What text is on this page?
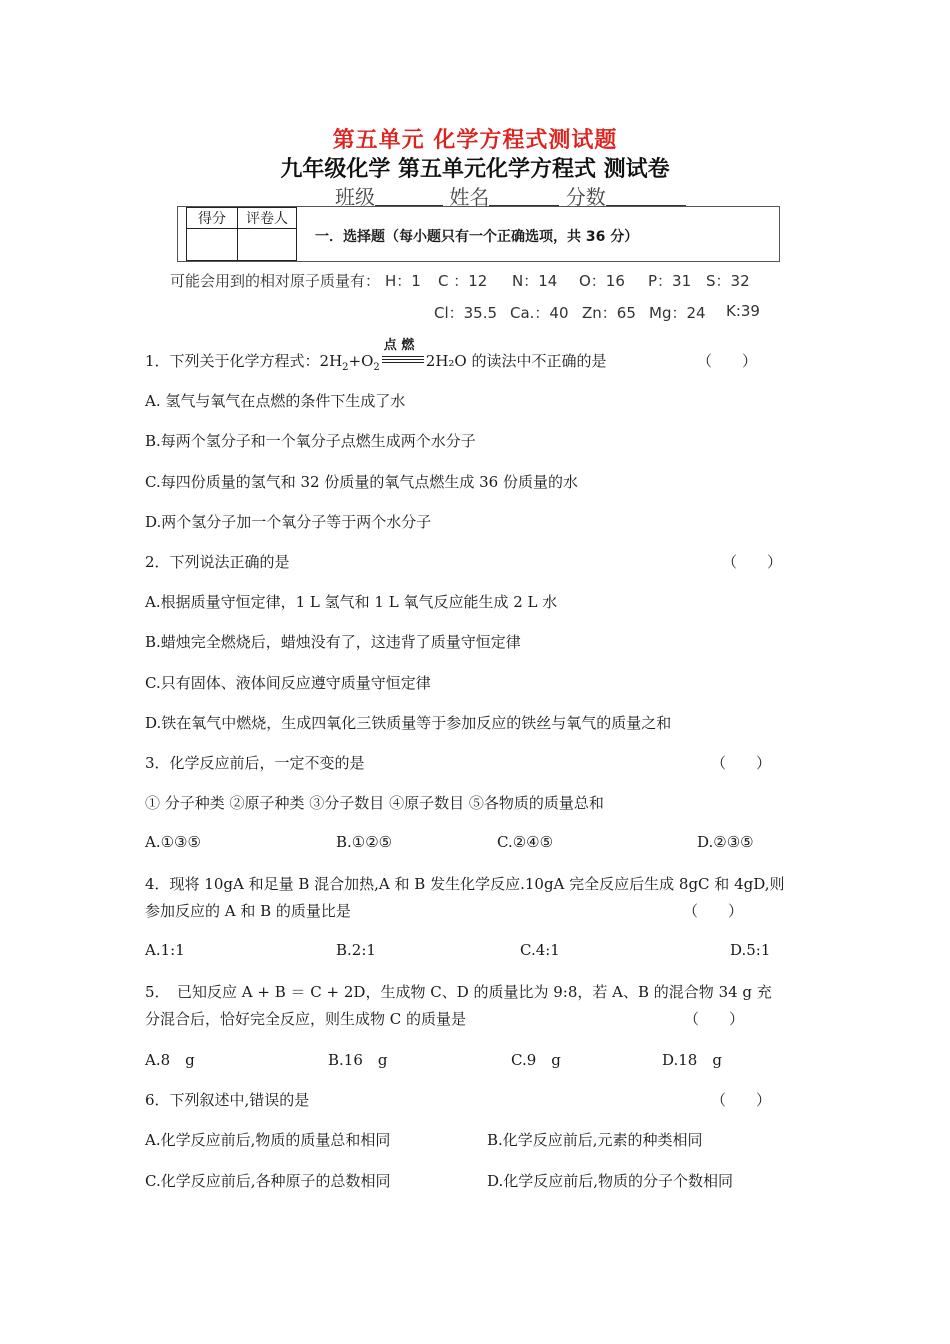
第五单元 化学方程式测试题
九年级化学 第五单元化学方程式 测试卷
班级	姓名	分数
得分	评卷人

一．选择题（每小题只有一个正确选项，共 36 分）
可能会用到的相对原子质量有： H：1 C ：12 N：14 O：16 P：31 S：32
Cl：35.5 Ca.：40 Zn：65 Mg：24 K:39
1．下列关于化学方程式：$2H_2+O_2$
点 燃
2H₂O 的读法中不正确的是	（　　）
A. 氢气与氧气在点燃的条件下生成了水
B.每两个氢分子和一个氧分子点燃生成两个水分子
C.每四份质量的氢气和 32 份质量的氧气点燃生成 36 份质量的水
D.两个氢分子加一个氧分子等于两个水分子
2．下列说法正确的是	（　　）
A.根据质量守恒定律，1 L 氢气和 1 L 氧气反应能生成 2 L 水
B.蜡烛完全燃烧后，蜡烛没有了，这违背了质量守恒定律
C.只有固体、液体间反应遵守质量守恒定律
D.铁在氧气中燃烧，生成四氧化三铁质量等于参加反应的铁丝与氧气的质量之和
3．化学反应前后，一定不变的是	（　　）
① 分子种类 ②原子种类 ③分子数目 ④原子数目 ⑤各物质的质量总和
A.①③⑤	B.①②⑤	C.②④⑤	D.②③⑤
4．现将 10gA 和足量 B 混合加热,A 和 B 发生化学反应.10gA 完全反应后生成 8gC 和 4gD,则
参加反应的 A 和 B 的质量比是	（　　）
A.1:1	B.2:1	C.4:1	D.5:1
5．　已知反应 A + B ＝ C + 2D，生成物 C、D 的质量比为 9:8，若 A、B 的混合物 34 g 充
分混合后，恰好完全反应，则生成物 C 的质量是	（　　）
A.8　g	B.16　g	C.9　g	D.18　g
6．下列叙述中,错误的是	（　　）
A.化学反应前后,物质的质量总和相同	B.化学反应前后,元素的种类相同
C.化学反应前后,各种原子的总数相同	D.化学反应前后,物质的分子个数相同
